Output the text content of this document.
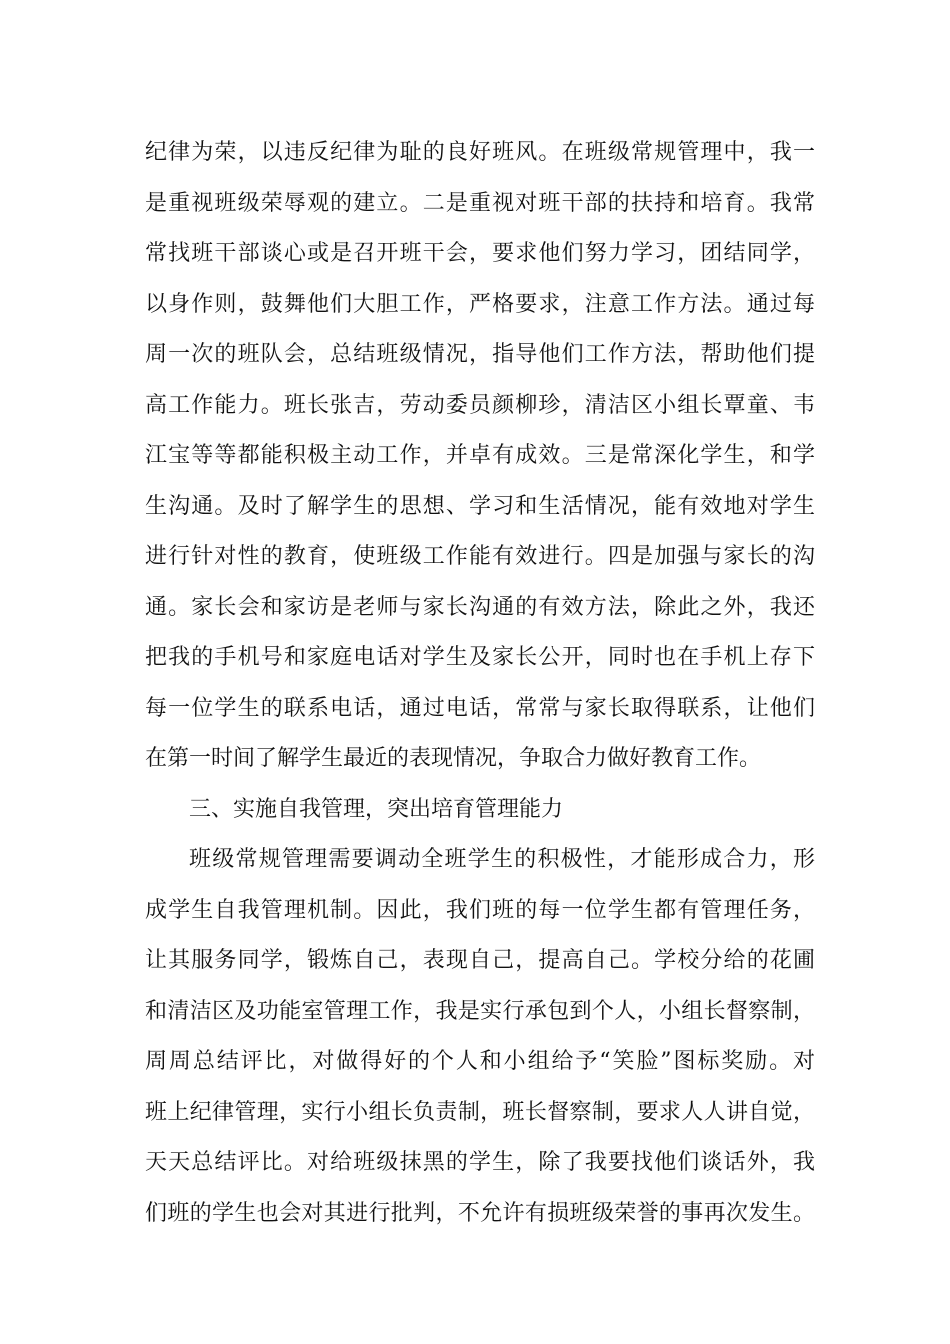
纪律为荣，以违反纪律为耻的良好班风。在班级常规管理中，我一
是重视班级荣辱观的建立。二是重视对班干部的扶持和培育。我常
常找班干部谈心或是召开班干会，要求他们努力学习，团结同学，
以身作则，鼓舞他们大胆工作，严格要求，注意工作方法。通过每
周一次的班队会，总结班级情况，指导他们工作方法，帮助他们提
高工作能力。班长张吉，劳动委员颜柳珍，清洁区小组长覃童、韦
江宝等等都能积极主动工作，并卓有成效。三是常深化学生，和学
生沟通。及时了解学生的思想、学习和生活情况，能有效地对学生
进行针对性的教育，使班级工作能有效进行。四是加强与家长的沟
通。家长会和家访是老师与家长沟通的有效方法，除此之外，我还
把我的手机号和家庭电话对学生及家长公开，同时也在手机上存下
每一位学生的联系电话，通过电话，常常与家长取得联系，让他们
在第一时间了解学生最近的表现情况，争取合力做好教育工作。
三、实施自我管理，突出培育管理能力
班级常规管理需要调动全班学生的积极性，才能形成合力，形
成学生自我管理机制。因此，我们班的每一位学生都有管理任务，
让其服务同学，锻炼自己，表现自己，提高自己。学校分给的花圃
和清洁区及功能室管理工作，我是实行承包到个人，小组长督察制，
周周总结评比，对做得好的个人和小组给予“笑脸”图标奖励。对
班上纪律管理，实行小组长负责制，班长督察制，要求人人讲自觉，
天天总结评比。对给班级抹黑的学生，除了我要找他们谈话外，我
们班的学生也会对其进行批判，不允许有损班级荣誉的事再次发生。
